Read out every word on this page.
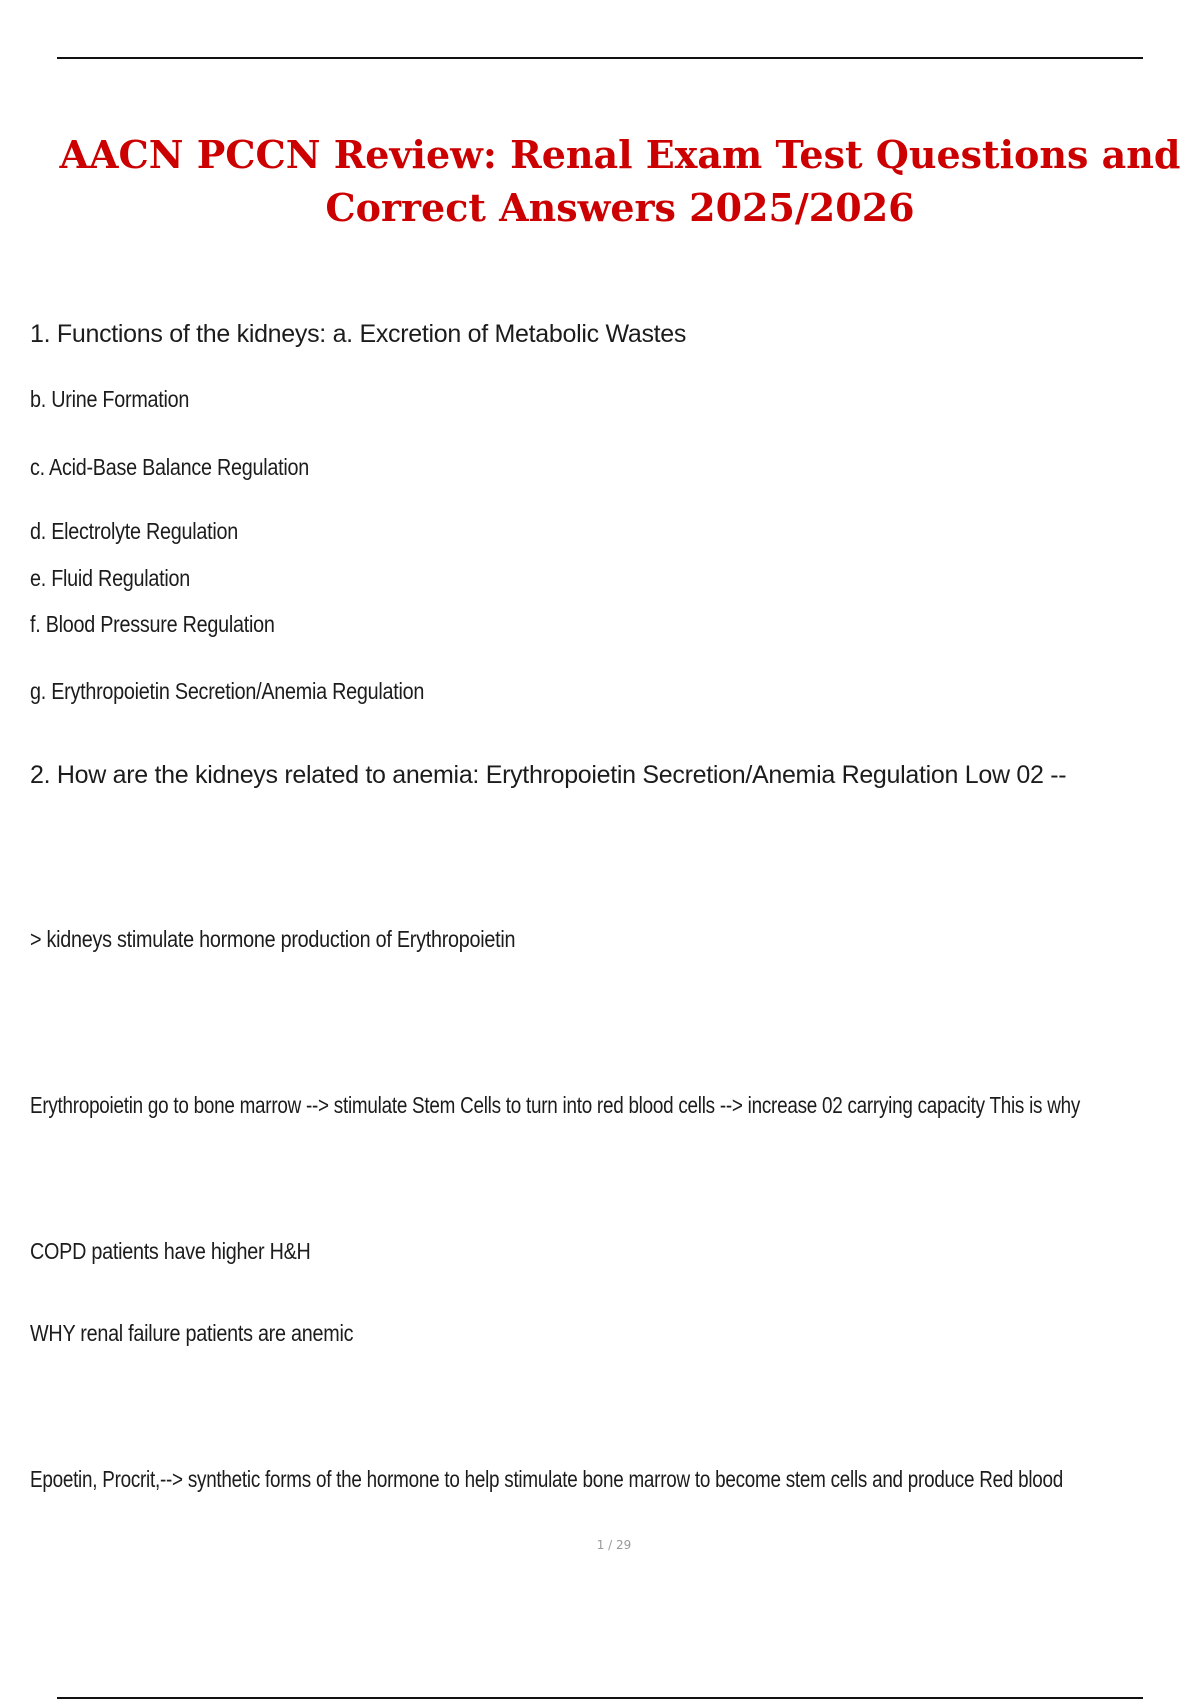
AACN PCCN Review: Renal Exam Test Questions and
Correct Answers 2025/2026
1. Functions of the kidneys: a. Excretion of Metabolic Wastes
b. Urine Formation
c. Acid-Base Balance Regulation
d. Electrolyte Regulation
e. Fluid Regulation
f. Blood Pressure Regulation
g. Erythropoietin Secretion/Anemia Regulation
2. How are the kidneys related to anemia: Erythropoietin Secretion/Anemia Regulation Low 02 --
> kidneys stimulate hormone production of Erythropoietin
Erythropoietin go to bone marrow --> stimulate Stem Cells to turn into red blood cells --> increase 02 carrying capacity This is why
COPD patients have higher H&H
WHY renal failure patients are anemic
Epoetin, Procrit,--> synthetic forms of the hormone to help stimulate bone marrow to become stem cells and produce Red blood
1 / 29
